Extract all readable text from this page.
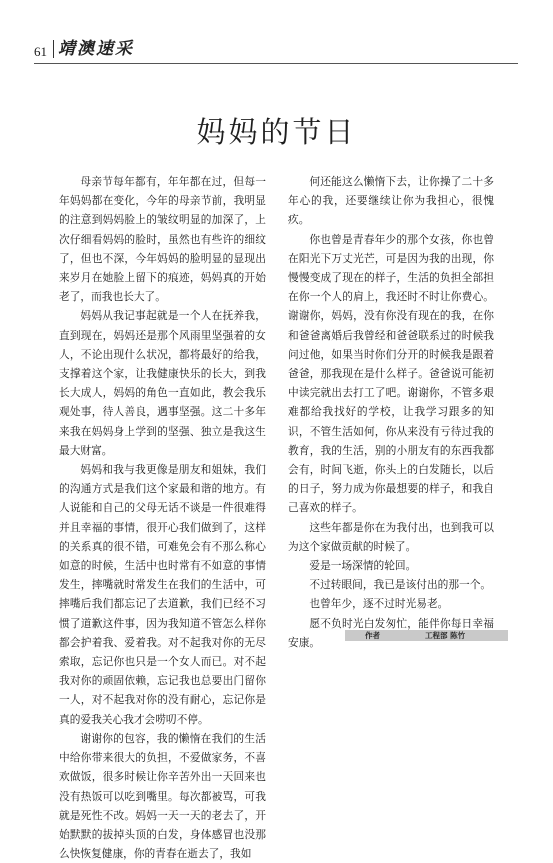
61 靖澳速采
妈妈的节日

母亲节每年都有，年年都在过，但每一年妈妈都在变化，今年的母亲节前，我明显的注意到妈妈脸上的皱纹明显的加深了，上次仔细看妈妈的脸时，虽然也有些许的细纹了，但也不深，今年妈妈的脸明显的显现出来岁月在她脸上留下的痕迹，妈妈真的开始老了，而我也长大了。

妈妈从我记事起就是一个人在抚养我，直到现在，妈妈还是那个风雨里坚强着的女人，不论出现什么状况，都将最好的给我，支撑着这个家，让我健康快乐的长大，到我长大成人，妈妈的角色一直如此，教会我乐观处事，待人善良，遇事坚强。这二十多年来我在妈妈身上学到的坚强、独立是我这生最大财富。

妈妈和我与我更像是朋友和姐妹，我们的沟通方式是我们这个家最和谐的地方。有人说能和自己的父母无话不谈是一件很难得并且幸福的事情，很开心我们做到了，这样的关系真的很不错，可难免会有不那么称心如意的时候，生活中也时常有不如意的事情发生，摔嘴就时常发生在我们的生活中，可摔嘴后我们都忘记了去道歉，我们已经不习惯了道歉这件事，因为我知道不管怎么样你都会护着我、爱着我。对不起我对你的无尽索取，忘记你也只是一个女人而已。对不起我对你的顽固依赖，忘记我也总要出门留你一人，对不起我对你的没有耐心，忘记你是真的爱我关心我才会唠叨不停。

谢谢你的包容，我的懒惰在我们的生活中给你带来很大的负担，不爱做家务，不喜欢做饭，很多时候让你辛苦外出一天回来也没有热饭可以吃到嘴里。每次都被骂，可我就是死性不改。妈妈一天一天的老去了，开始默默的拔掉头顶的白发，身体感冒也没那么快恢复健康，你的青春在逝去了，我如

何还能这么懒惰下去，让你操了二十多年心的我，还要继续让你为我担心，很愧疚。

你也曾是青春年少的那个女孩，你也曾在阳光下万丈光芒，可是因为我的出现，你慢慢变成了现在的样子，生活的负担全部担在你一个人的肩上，我还时不时让你费心。谢谢你，妈妈，没有你没有现在的我，在你和爸爸离婚后我曾经和爸爸联系过的时候我问过他，如果当时你们分开的时候我是跟着爸爸，那我现在是什么样子。爸爸说可能初中读完就出去打工了吧。谢谢你，不管多艰难都给我找好的学校，让我学习跟多的知识，不管生活如何，你从来没有亏待过我的教育，我的生活，别的小朋友有的东西我都会有，时间飞逝，你头上的白发随长，以后的日子，努力成为你最想要的样子，和我自己喜欢的样子。

这些年都是你在为我付出，也到我可以为这个家做贡献的时候了。

爱是一场深情的轮回。

不过转眼间，我已是该付出的那一个。

也曾年少，逐不过时光易老。

愿不负时光白发匆忙，能伴你每日幸福安康。

作者	工程部 陈竹
